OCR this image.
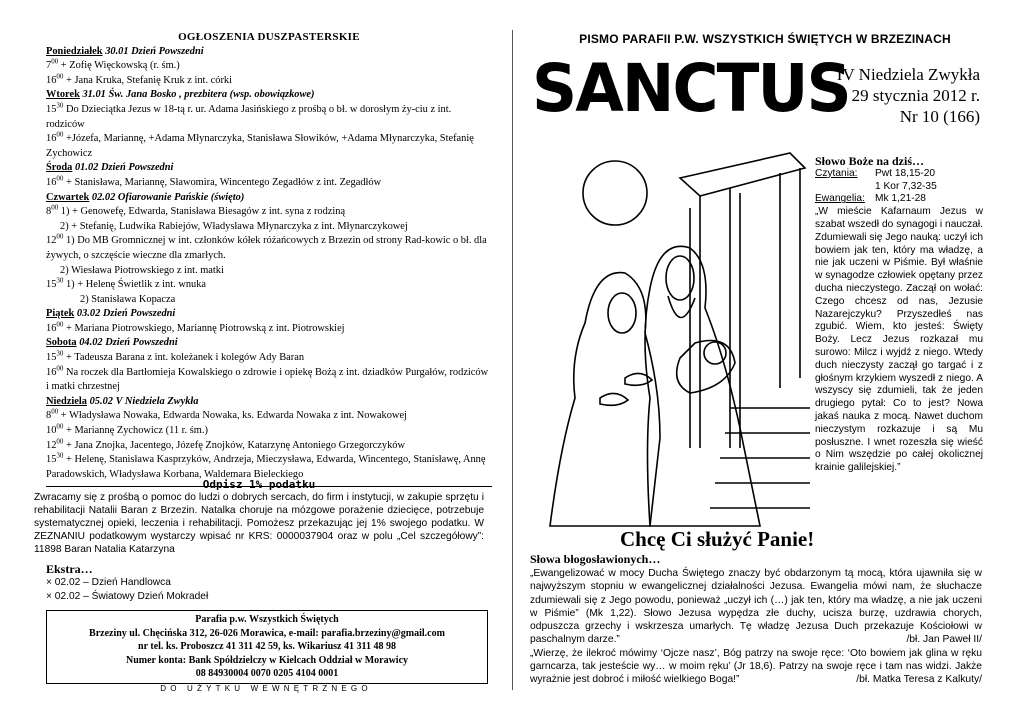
OGŁOSZENIA DUSZPASTERSKIE
Poniedziałek 30.01 Dzień Powszedni
$7^{00}$ + Zofię Więckowską (r. śm.)
$16^{00}$ + Jana Kruka, Stefanię Kruk z int. córki
Wtorek 31.01 Św. Jana Bosko , prezbitera (wsp. obowiązkowe)
$15^{30}$ Do Dzieciątka Jezus w 18-tą r. ur. Adama Jasińskiego z prośbą o bł. w dorosłym ży-ciu z int. rodziców
$16^{00}$ +Józefa, Mariannę, +Adama Młynarczyka, Stanisława Słowików, +Adama Młynarczyka, Stefanię Zychowicz
Środa 01.02 Dzień Powszedni
$16^{00}$ + Stanisława, Mariannę, Sławomira, Wincentego Zegadłów z int. Zegadłów
Czwartek 02.02 Ofiarowanie Pańskie (święto)
$8^{00}$ 1) + Genowefę, Edwarda, Stanisława Biesagów z int. syna z rodziną
2) + Stefanię, Ludwika Rabiejów, Władysława Młynarczyka z int. Młynarczykowej
$12^{00}$ 1) Do MB Gromnicznej w int. członków kółek różańcowych z Brzezin od strony Rad-kowic o bł. dla żywych, o szczęście wieczne dla zmarłych.
2) Wiesława Piotrowskiego z int. matki
$15^{30}$ 1) + Helenę Świetlik z int. wnuka
2) Stanisława Kopacza
Piątek 03.02 Dzień Powszedni
$16^{00}$ + Mariana Piotrowskiego, Mariannę Piotrowską z int. Piotrowskiej
Sobota 04.02 Dzień Powszedni
$15^{30}$ + Tadeusza Barana z int. koleżanek i kolegów Ady Baran
$16^{00}$ Na roczek dla Bartłomieja Kowalskiego o zdrowie i opiekę Bożą z int. dziadków Purgałów, rodziców i matki chrzestnej
Niedziela 05.02 V Niedziela Zwykła
$8^{00}$ + Władysława Nowaka, Edwarda Nowaka, ks. Edwarda Nowaka z int. Nowakowej
$10^{00}$ + Mariannę Zychowicz (11 r. śm.)
$12^{00}$ + Jana Znojka, Jacentego, Józefę Znojków, Katarzynę Antoniego Grzegorczyków
$15^{30}$ + Helenę, Stanisława Kasprzyków, Andrzeja, Mieczysława, Edwarda, Wincentego, Stanisławę, Annę Paradowskich, Władysława Korbana, Waldemara Bieleckiego
Odpisz 1% podatku
Zwracamy się z prośbą o pomoc do ludzi o dobrych sercach, do firm i instytucji, w zakupie sprzętu i rehabilitacji Natalii Baran z Brzezin. Natalka choruje na mózgowe porażenie dziecięce, potrzebuje systematycznej opieki, leczenia i rehabilitacji. Pomożesz przekazując jej 1% swojego podatku. W ZEZNANIU podatkowym wystarczy wpisać nr KRS: 0000037904 oraz w polu „Cel szczegółowy”: 11898 Baran Natalia Katarzyna
Ekstra…
× 02.02 – Dzień Handlowca
× 02.02 – Światowy Dzień Mokradeł
Parafia p.w. Wszystkich Świętych
Brzeziny ul. Chęcińska 312, 26-026 Morawica, e-mail: parafia.brzeziny@gmail.com
nr tel. ks. Proboszcz 41 311 42 59, ks. Wikariusz 41 311 48 98
Numer konta: Bank Spółdzielczy w Kielcach Oddział w Morawicy
08 84930004 0070 0205 4104 0001
DO UŻYTKU WEWNĘTRZNEGO
PISMO PARAFII P.W. WSZYSTKICH ŚWIĘTYCH W BRZEZINACH
SANCTUS
IV Niedziela Zwykła
29 stycznia 2012 r.
Nr 10 (166)
Słowo Boże na dziś…
Czytania:	Pwt 18,15-20
1 Kor 7,32-35
Ewangelia: Mk 1,21-28
„W mieście Kafarnaum Jezus w szabat wszedł do synagogi i nauczał. Zdumiewali się Jego nauką: uczył ich bowiem jak ten, który ma władzę, a nie jak uczeni w Piśmie. Był właśnie w synagodze człowiek opętany przez ducha nieczystego. Zaczął on wołać: Czego chcesz od nas, Jezusie Nazarejczyku? Przyszedłeś nas zgubić. Wiem, kto jesteś: Święty Boży. Lecz Jezus rozkazał mu surowo: Milcz i wyjdź z niego. Wtedy duch nieczysty zaczął go targać i z głośnym krzykiem wyszedł z niego. A wszyscy się zdumieli, tak że jeden drugiego pytał: Co to jest? Nowa jakaś nauka z mocą. Nawet duchom nieczystym rozkazuje i są Mu posłuszne. I wnet rozeszła się wieść o Nim wszędzie po całej okolicznej krainie galilejskiej.”
Chcę Ci służyć Panie!
Słowa błogosławionych…
„Ewangelizować w mocy Ducha Świętego znaczy być obdarzonym tą mocą, która ujawniła się w najwyższym stopniu w ewangelicznej działalności Jezusa. Ewangelia mówi nam, że słuchacze zdumiewali się z Jego powodu, ponieważ „uczył ich (…) jak ten, który ma władzę, a nie jak uczeni w Piśmie” (Mk 1,22). Słowo Jezusa wypędza złe duchy, ucisza burzę, uzdrawia chorych, odpuszcza grzechy i wskrzesza umarłych. Tę władzę Jezusa Duch przekazuje Kościołowi w paschalnym darze.”	/bł. Jan Paweł II/

„Wierzę, że ilekroć mówimy ‘Ojcze nasz’, Bóg patrzy na swoje ręce: ‘Oto bowiem jak glina w ręku garncarza, tak jesteście wy… w moim ręku’ (Jr 18,6). Patrzy na swoje ręce i tam nas widzi. Jakże wyrażnie jest dobroć i miłość wielkiego Boga!”	/bł. Matka Teresa z Kalkuty/
